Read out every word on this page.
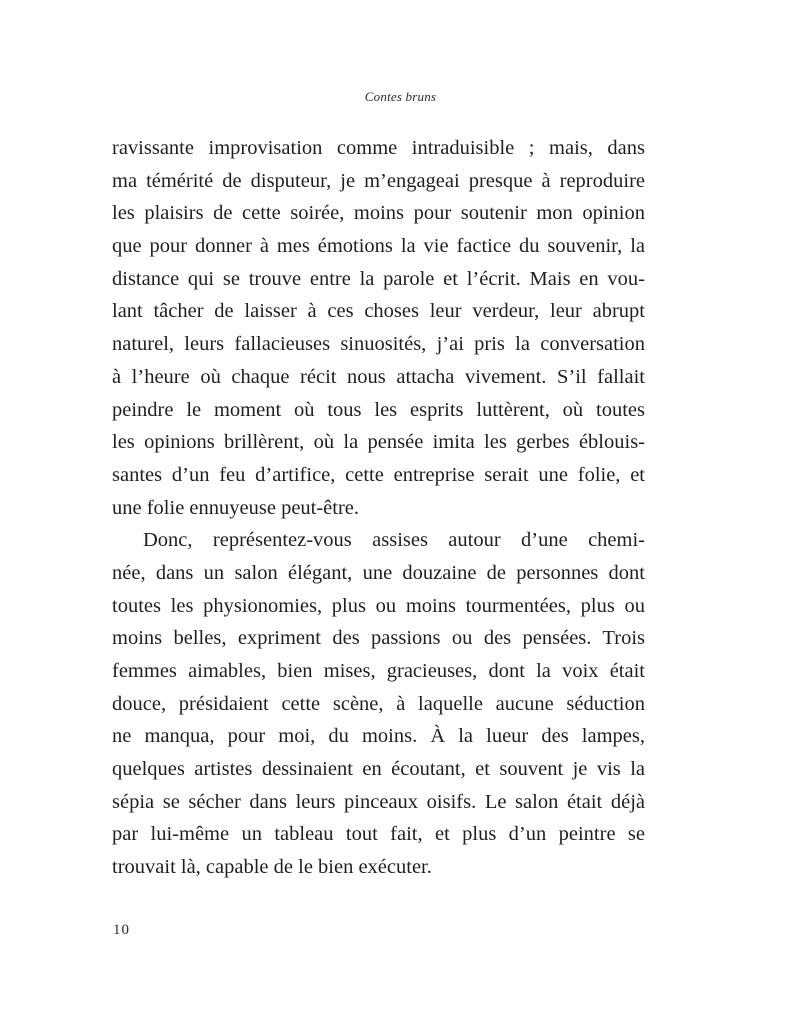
Contes bruns
ravissante improvisation comme intraduisible ; mais, dans
ma témérité de disputeur, je m’engageai presque à reproduire
les plaisirs de cette soirée, moins pour soutenir mon opinion
que pour donner à mes émotions la vie factice du souvenir, la
distance qui se trouve entre la parole et l’écrit. Mais en vou-
lant tâcher de laisser à ces choses leur verdeur, leur abrupt
naturel, leurs fallacieuses sinuosités, j’ai pris la conversation
à l’heure où chaque récit nous attacha vivement. S’il fallait
peindre le moment où tous les esprits luttèrent, où toutes
les opinions brillèrent, où la pensée imita les gerbes éblouis-
santes d’un feu d’artifice, cette entreprise serait une folie, et
une folie ennuyeuse peut-être.
Donc, représentez-vous assises autour d’une chemi-
née, dans un salon élégant, une douzaine de personnes dont
toutes les physionomies, plus ou moins tourmentées, plus ou
moins belles, expriment des passions ou des pensées. Trois
femmes aimables, bien mises, gracieuses, dont la voix était
douce, présidaient cette scène, à laquelle aucune séduction
ne manqua, pour moi, du moins. À la lueur des lampes,
quelques artistes dessinaient en écoutant, et souvent je vis la
sépia se sécher dans leurs pinceaux oisifs. Le salon était déjà
par lui-même un tableau tout fait, et plus d’un peintre se
trouvait là, capable de le bien exécuter.
10
